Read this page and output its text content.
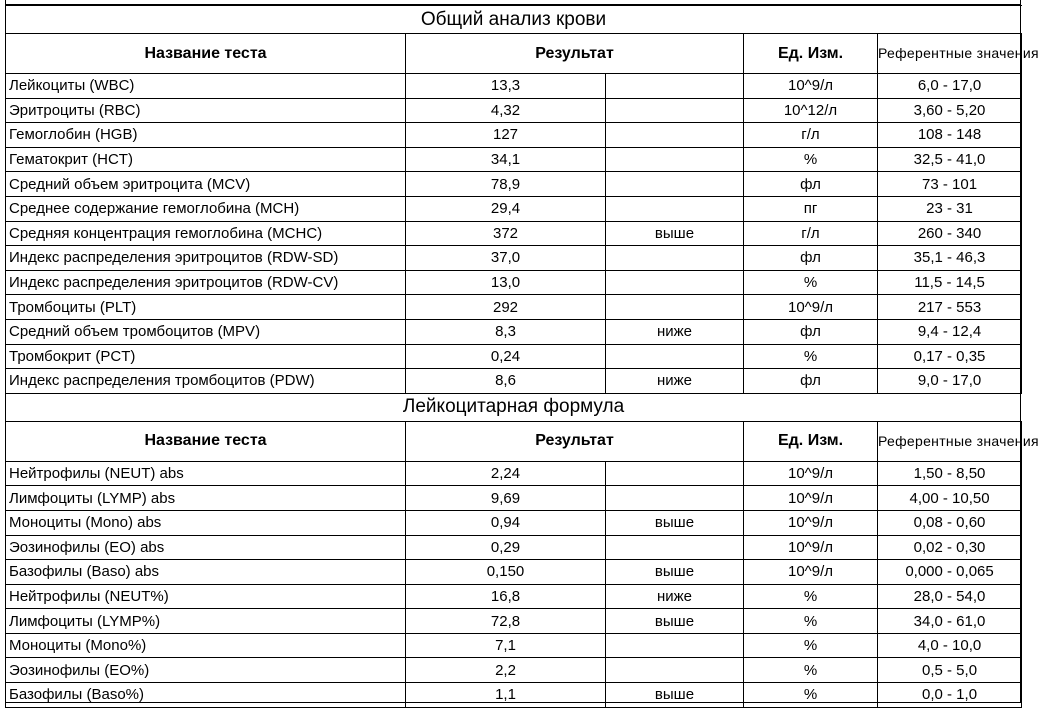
Общий анализ крови				
Название теста	Результат		Ед. Изм.	Референтные значения
Лейкоциты (WBC)	13,3		10^9/л	6,0 - 17,0
Эритроциты (RBC)	4,32		10^12/л	3,60 - 5,20
Гемоглобин (HGB)	127		г/л	108 - 148
Гематокрит (HCT)	34,1		%	32,5 - 41,0
Средний объем эритроцита (MCV)	78,9		фл	73 - 101
Среднее содержание гемоглобина (MCH)	29,4		пг	23 - 31
Средняя концентрация гемоглобина (MCHC)	372	выше	г/л	260 - 340
Индекс распределения эритроцитов (RDW-SD)	37,0		фл	35,1 - 46,3
Индекс распределения эритроцитов (RDW-CV)	13,0		%	11,5 - 14,5
Тромбоциты (PLT)	292		10^9/л	217 - 553
Средний объем тромбоцитов (MPV)	8,3	ниже	фл	9,4 - 12,4
Тромбокрит (PCT)	0,24		%	0,17 - 0,35
Индекс распределения тромбоцитов (PDW)	8,6	ниже	фл	9,0 - 17,0
Лейкоцитарная формула				
Название теста	Результат		Ед. Изм.	Референтные значения
Нейтрофилы (NEUT) abs	2,24		10^9/л	1,50 - 8,50
Лимфоциты (LYMP) abs	9,69		10^9/л	4,00 - 10,50
Моноциты (Mono) abs	0,94	выше	10^9/л	0,08 - 0,60
Эозинофилы (EO) abs	0,29		10^9/л	0,02 - 0,30
Базофилы (Baso) abs	0,150	выше	10^9/л	0,000 - 0,065
Нейтрофилы (NEUT%)	16,8	ниже	%	28,0 - 54,0
Лимфоциты (LYMP%)	72,8	выше	%	34,0 - 61,0
Моноциты (Mono%)	7,1		%	4,0 - 10,0
Эозинофилы (EO%)	2,2		%	0,5 - 5,0
Базофилы (Baso%)	1,1	выше	%	0,0 - 1,0
